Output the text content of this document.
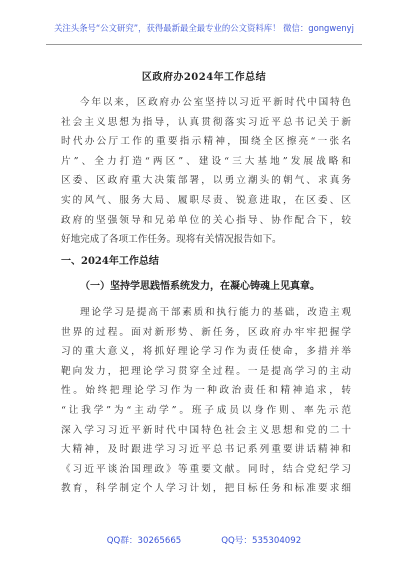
关注头条号“公文研究”，获得最新最全最专业的公文资料库！ 微信：gongwenyj
区政府办2024年工作总结
今年以来，区政府办公室坚持以习近平新时代中国特色
社会主义思想为指导，认真贯彻落实习近平总书记关于新
时代办公厅工作的重要指示精神，围绕全区擦亮“一张名
片”、全力打造“两区”、建设“三大基地”发展战略和
区委、区政府重大决策部署，以勇立潮头的朝气、求真务
实的风气、服务大局、履职尽责、锐意进取，在区委、区
政府的坚强领导和兄弟单位的关心指导、协作配合下，较
好地完成了各项工作任务。现将有关情况报告如下。
一、2024年工作总结
（一）坚持学思践悟系统发力，在凝心铸魂上见真章。
理论学习是提高干部素质和执行能力的基础，改造主观
世界的过程。面对新形势、新任务，区政府办牢牢把握学
习的重大意义，将抓好理论学习作为责任使命，多措并举
靶向发力，把理论学习贯穿全过程。一是提高学习的主动
性。始终把理论学习作为一种政治责任和精神追求，转
“让我学”为“主动学”。班子成员以身作则、率先示范
深入学习习近平新时代中国特色社会主义思想和党的二十
大精神，及时跟进学习习近平总书记系列重要讲话精神和
《习近平谈治国理政》等重要文献。同时，结合党纪学习
教育，科学制定个人学习计划，把目标任务和标准要求细
QQ群：30265665	QQ号：535304092
